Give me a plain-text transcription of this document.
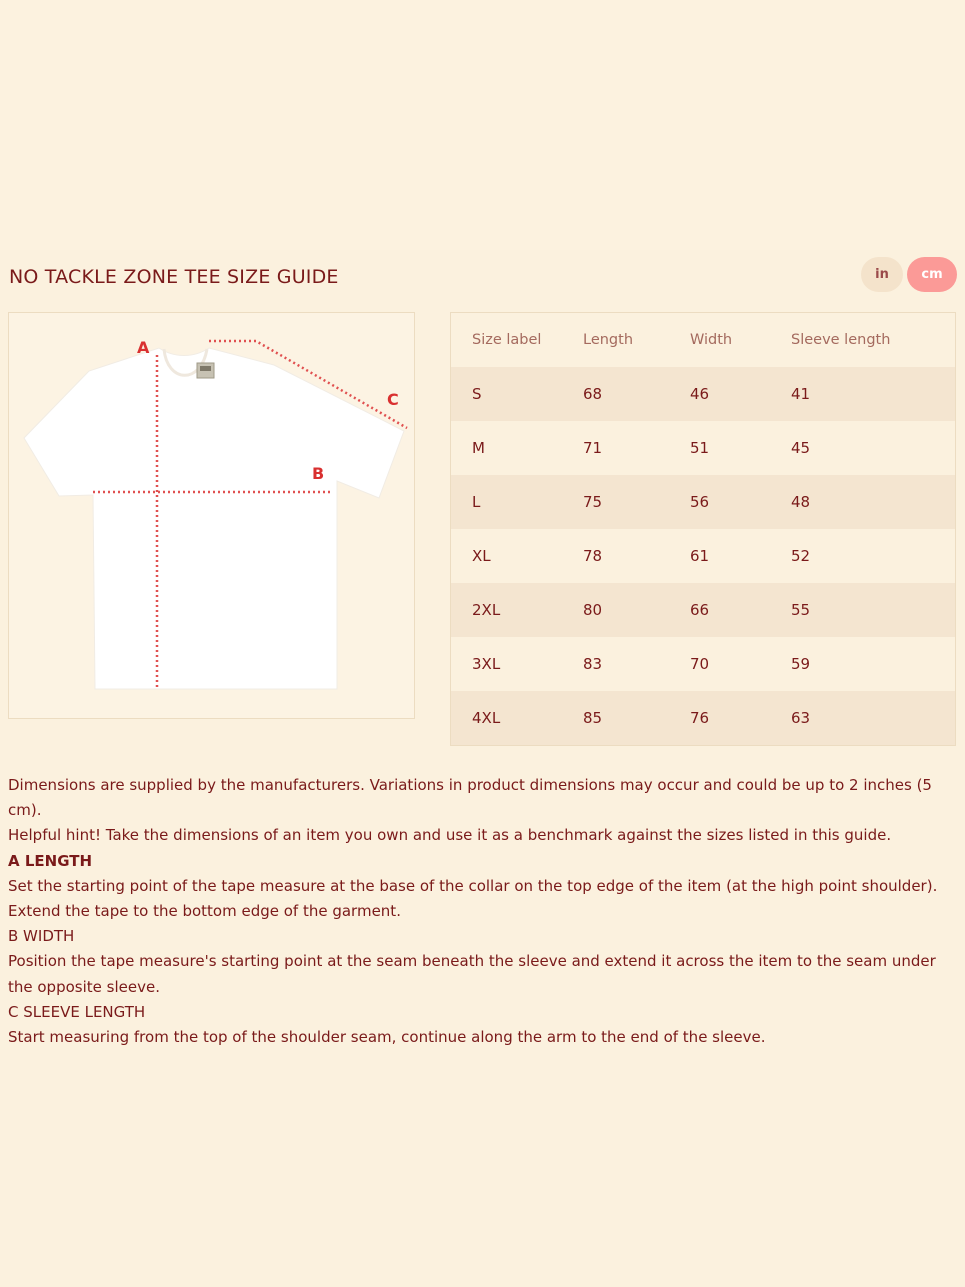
NO TACKLE ZONE TEE SIZE GUIDE	in	cm
A
B
C
Size label	Length	Width	Sleeve length
S	68	46	41
M	71	51	45
L	75	56	48
XL	78	61	52
2XL	80	66	55
3XL	83	70	59
4XL	85	76	63

Dimensions are supplied by the manufacturers. Variations in product dimensions may occur and could be up to 2 inches (5 cm).

Helpful hint! Take the dimensions of an item you own and use it as a benchmark against the sizes listed in this guide.

A LENGTH

Set the starting point of the tape measure at the base of the collar on the top edge of the item (at the high point shoulder). Extend the tape to the bottom edge of the garment.

B WIDTH

Position the tape measure's starting point at the seam beneath the sleeve and extend it across the item to the seam under the opposite sleeve.

C SLEEVE LENGTH

Start measuring from the top of the shoulder seam, continue along the arm to the end of the sleeve.
